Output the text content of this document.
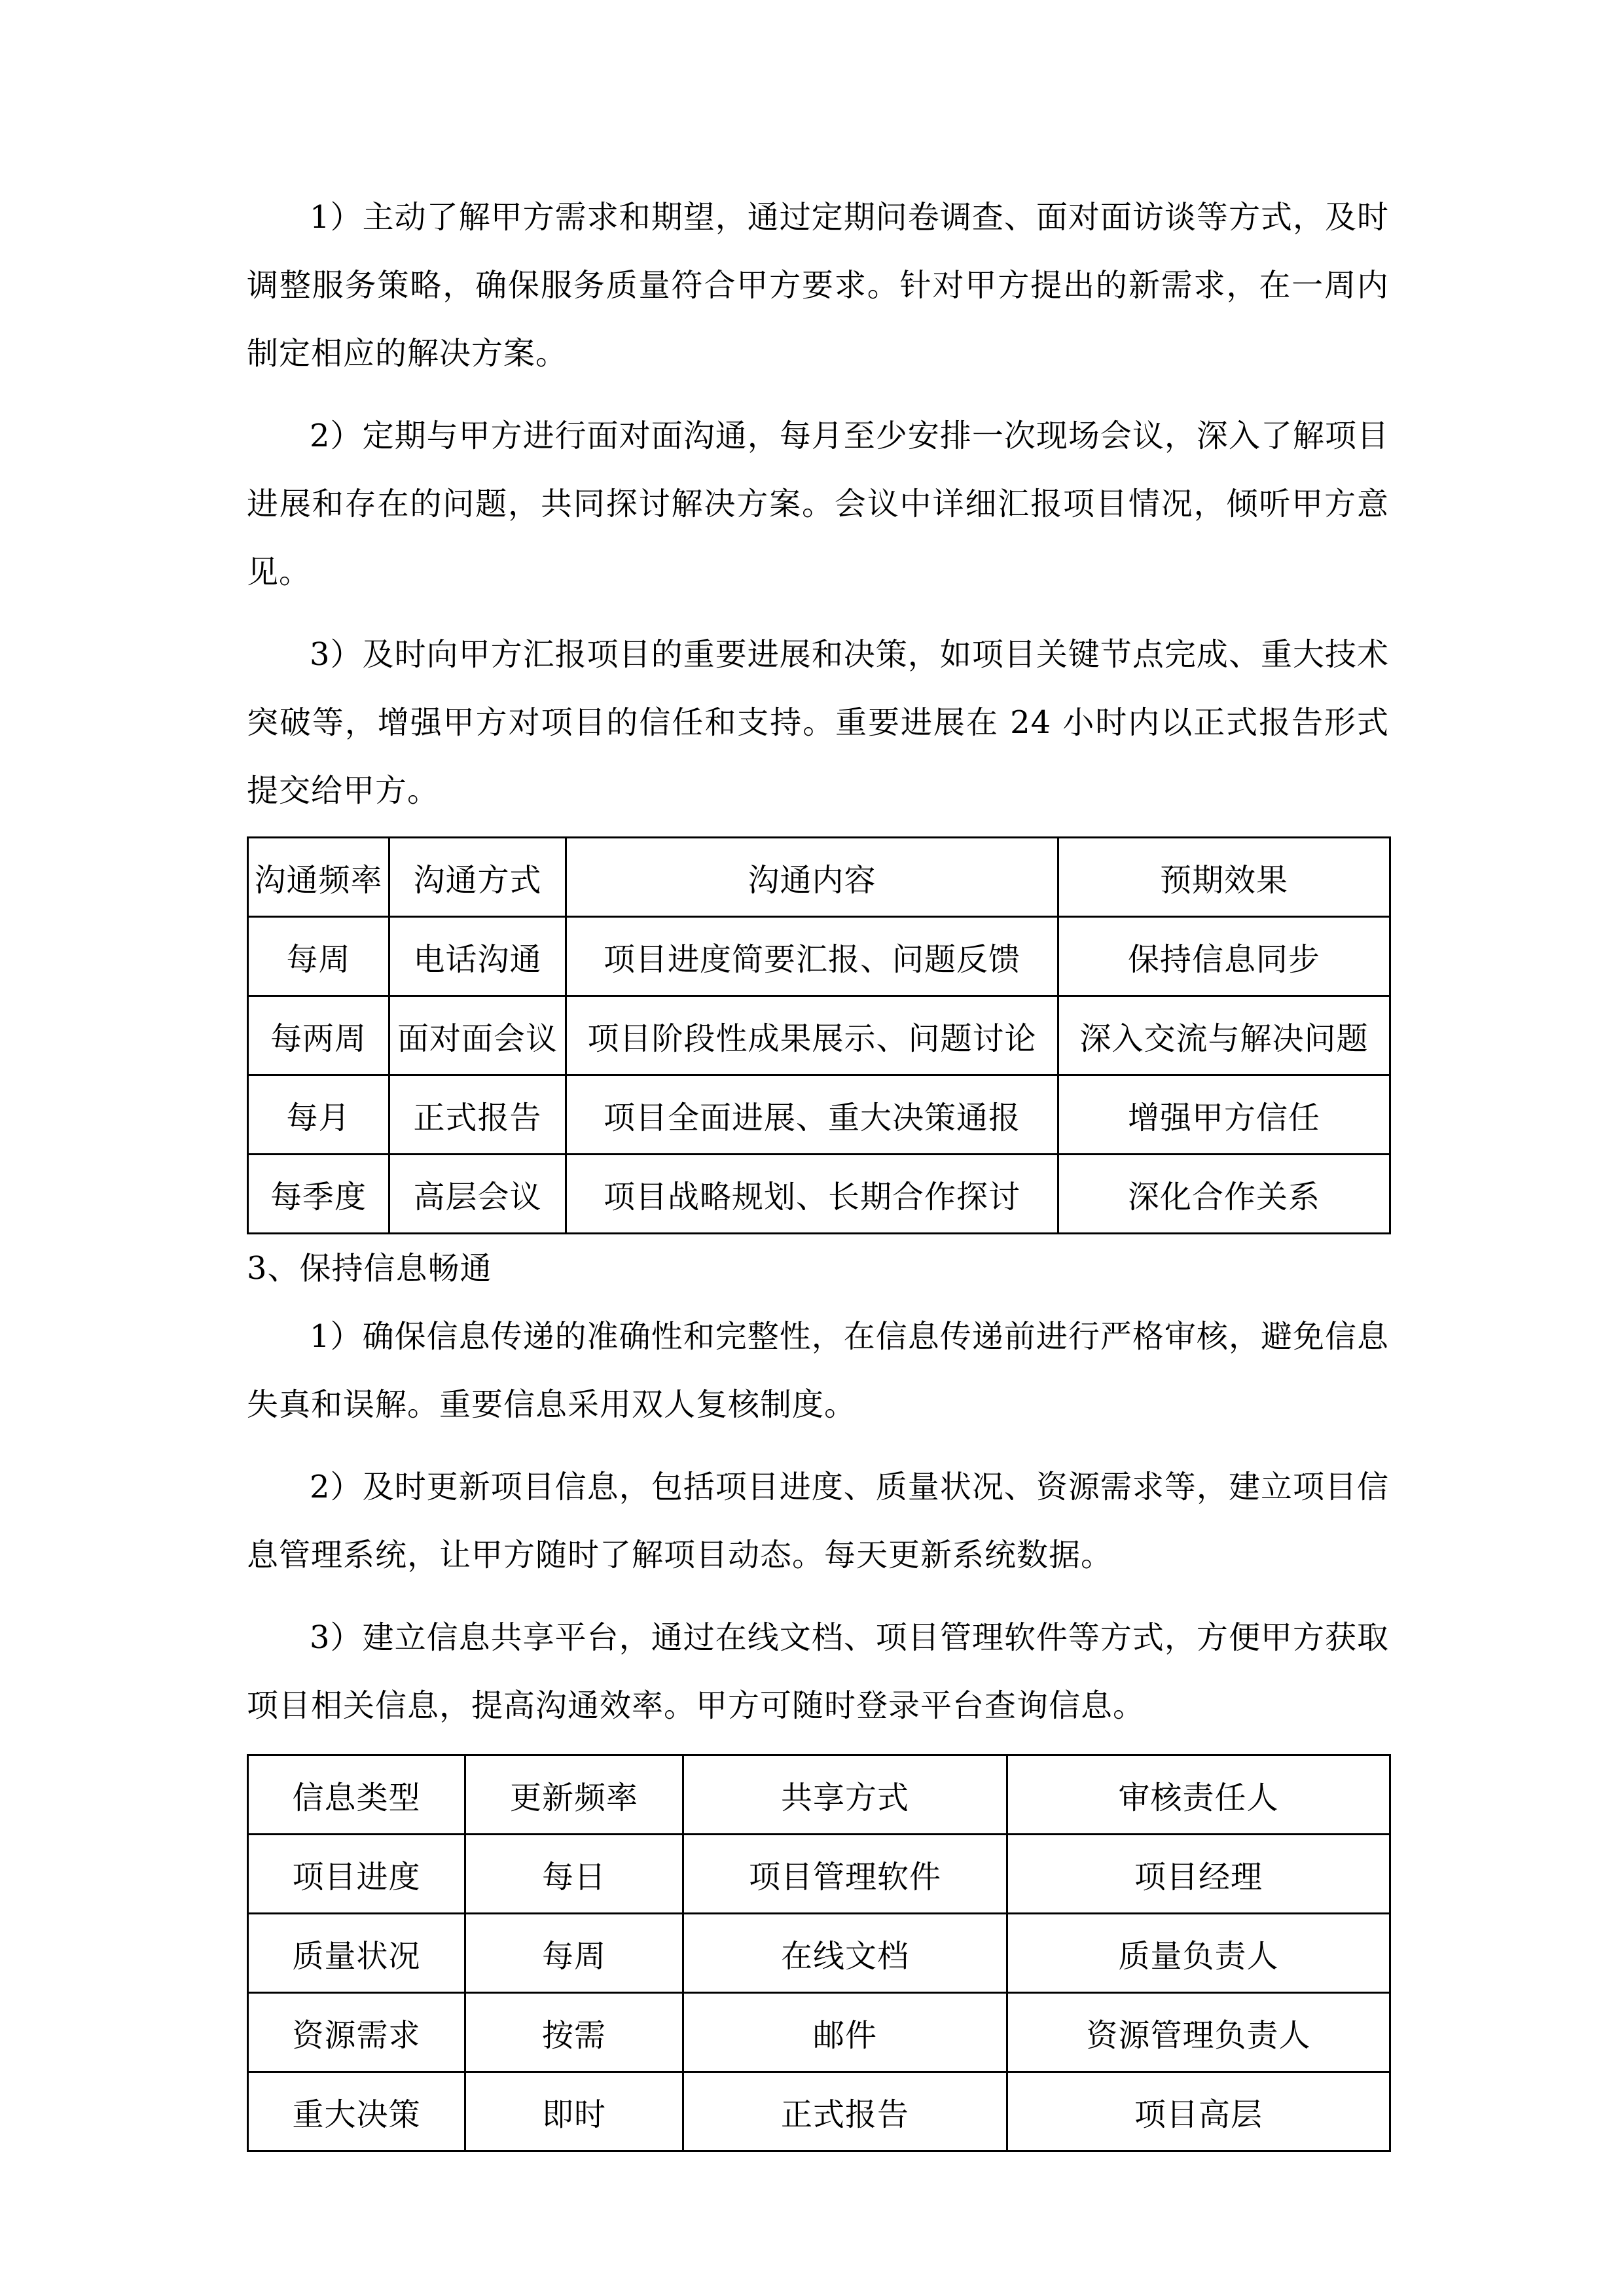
1）主动了解甲方需求和期望，通过定期问卷调查、面对面访谈等方式，及时调整服务策略，确保服务质量符合甲方要求。针对甲方提出的新需求，在一周内制定相应的解决方案。

2）定期与甲方进行面对面沟通，每月至少安排一次现场会议，深入了解项目进展和存在的问题，共同探讨解决方案。会议中详细汇报项目情况，倾听甲方意见。

3）及时向甲方汇报项目的重要进展和决策，如项目关键节点完成、重大技术突破等，增强甲方对项目的信任和支持。重要进展在 24 小时内以正式报告形式提交给甲方。

沟通频率	沟通方式	沟通内容	预期效果
每周	电话沟通	项目进度简要汇报、问题反馈	保持信息同步
每两周	面对面会议	项目阶段性成果展示、问题讨论	深入交流与解决问题
每月	正式报告	项目全面进展、重大决策通报	增强甲方信任
每季度	高层会议	项目战略规划、长期合作探讨	深化合作关系

3、保持信息畅通

1）确保信息传递的准确性和完整性，在信息传递前进行严格审核，避免信息失真和误解。重要信息采用双人复核制度。

2）及时更新项目信息，包括项目进度、质量状况、资源需求等，建立项目信息管理系统，让甲方随时了解项目动态。每天更新系统数据。

3）建立信息共享平台，通过在线文档、项目管理软件等方式，方便甲方获取项目相关信息，提高沟通效率。甲方可随时登录平台查询信息。

信息类型	更新频率	共享方式	审核责任人
项目进度	每日	项目管理软件	项目经理
质量状况	每周	在线文档	质量负责人
资源需求	按需	邮件	资源管理负责人
重大决策	即时	正式报告	项目高层
